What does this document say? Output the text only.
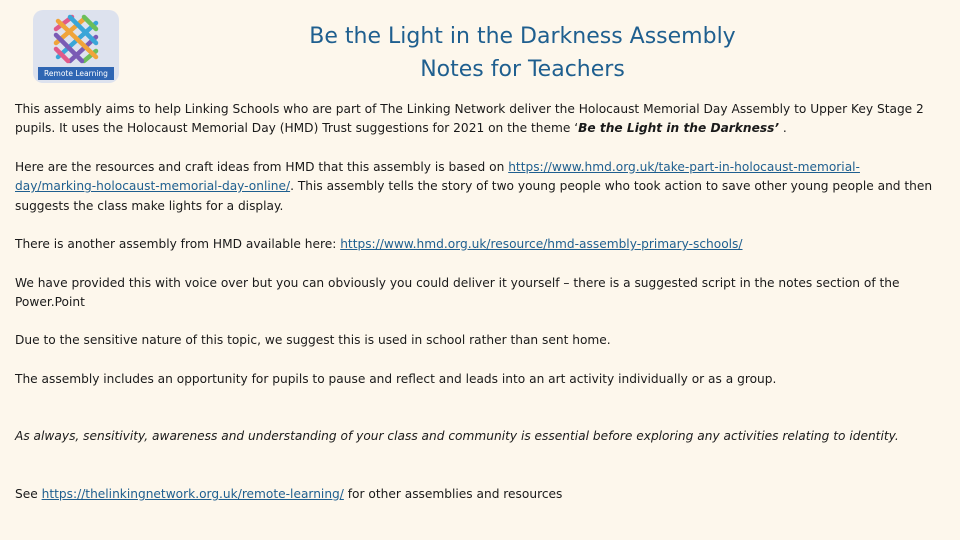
Remote Learning
Be the Light in the Darkness Assembly
Notes for Teachers

This assembly aims to help Linking Schools who are part of The Linking Network deliver the Holocaust Memorial Day Assembly to Upper Key Stage 2 pupils. It uses the Holocaust Memorial Day (HMD) Trust suggestions for 2021 on the theme ‘Be the Light in the Darkness’ .

Here are the resources and craft ideas from HMD that this assembly is based on https://www.hmd.org.uk/take-part-in-holocaust-memorial-day/marking-holocaust-memorial-day-online/. This assembly tells the story of two young people who took action to save other young people and then suggests the class make lights for a display.

There is another assembly from HMD available here: https://www.hmd.org.uk/resource/hmd-assembly-primary-schools/

We have provided this with voice over but you can obviously you could deliver it yourself – there is a suggested script in the notes section of the Power.Point

Due to the sensitive nature of this topic, we suggest this is used in school rather than sent home.

The assembly includes an opportunity for pupils to pause and reflect and leads into an art activity individually or as a group.

As always, sensitivity, awareness and understanding of your class and community is essential before exploring any activities relating to identity.

See https://thelinkingnetwork.org.uk/remote-learning/ for other assemblies and resources
